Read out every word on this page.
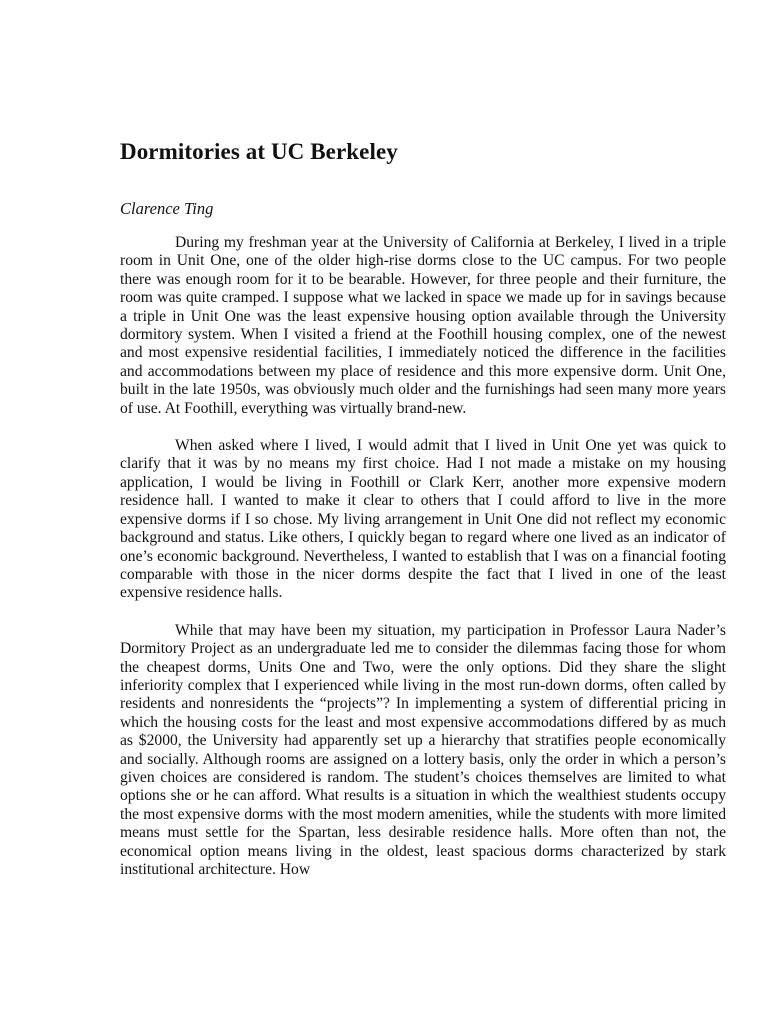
Dormitories at UC Berkeley

Clarence Ting

During my freshman year at the University of California at Berkeley, I lived in a triple room in Unit One, one of the older high-rise dorms close to the UC campus. For two people there was enough room for it to be bearable. However, for three people and their furniture, the room was quite cramped. I suppose what we lacked in space we made up for in savings because a triple in Unit One was the least expensive housing option available through the University dormitory system. When I visited a friend at the Foothill housing complex, one of the newest and most expensive residential facilities, I immediately noticed the difference in the facilities and accommodations between my place of residence and this more expensive dorm. Unit One, built in the late 1950s, was obviously much older and the furnishings had seen many more years of use. At Foothill, everything was virtually brand-new.

When asked where I lived, I would admit that I lived in Unit One yet was quick to clarify that it was by no means my first choice. Had I not made a mistake on my housing application, I would be living in Foothill or Clark Kerr, another more expensive modern residence hall. I wanted to make it clear to others that I could afford to live in the more expensive dorms if I so chose. My living arrangement in Unit One did not reflect my economic background and status. Like others, I quickly began to regard where one lived as an indicator of one’s economic background. Nevertheless, I wanted to establish that I was on a financial footing comparable with those in the nicer dorms despite the fact that I lived in one of the least expensive residence halls.

While that may have been my situation, my participation in Professor Laura Nader’s Dormitory Project as an undergraduate led me to consider the dilemmas facing those for whom the cheapest dorms, Units One and Two, were the only options. Did they share the slight inferiority complex that I experienced while living in the most run-down dorms, often called by residents and nonresidents the “projects”? In implementing a system of differential pricing in which the housing costs for the least and most expensive accommodations differed by as much as $2000, the University had apparently set up a hierarchy that stratifies people economically and socially. Although rooms are assigned on a lottery basis, only the order in which a person’s given choices are considered is random. The student’s choices themselves are limited to what options she or he can afford. What results is a situation in which the wealthiest students occupy the most expensive dorms with the most modern amenities, while the students with more limited means must settle for the Spartan, less desirable residence halls. More often than not, the economical option means living in the oldest, least spacious dorms characterized by stark institutional architecture. How
